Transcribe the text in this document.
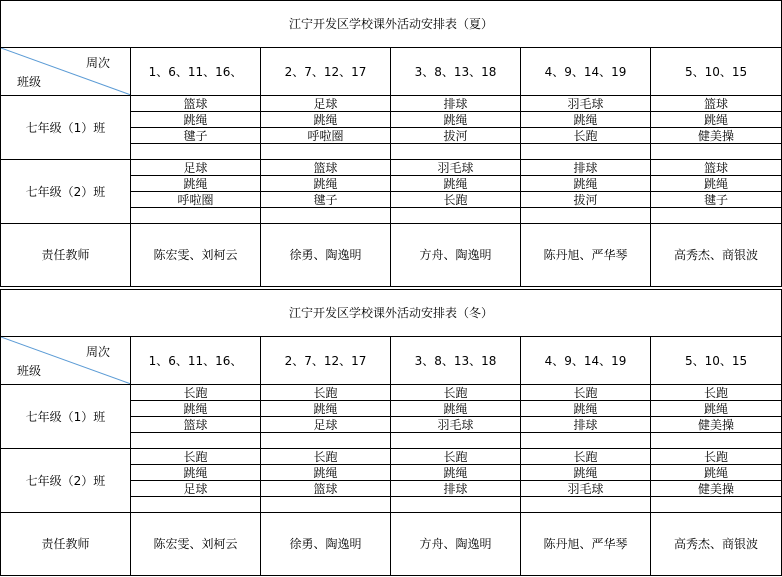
江宁开发区学校课外活动安排表（夏）					

周次
班级	1、6、11、16、	2、7、12、17	3、8、13、18	4、9、14、19	5、10、15
七年级（1）班	篮球	足球	排球	羽毛球	篮球
	跳绳	跳绳	跳绳	跳绳	跳绳
	毽子	呼啦圈	拔河	长跑	健美操

七年级（2）班	足球	篮球	羽毛球	排球	篮球
	跳绳	跳绳	跳绳	跳绳	跳绳
	呼啦圈	毽子	长跑	拔河	毽子

责任教师	陈宏雯、刘柯云	徐勇、陶逸明	方舟、陶逸明	陈丹旭、严华琴	高秀杰、商银波
江宁开发区学校课外活动安排表（冬）					

周次
班级	1、6、11、16、	2、7、12、17	3、8、13、18	4、9、14、19	5、10、15
七年级（1）班	长跑	长跑	长跑	长跑	长跑
	跳绳	跳绳	跳绳	跳绳	跳绳
	篮球	足球	羽毛球	排球	健美操

七年级（2）班	长跑	长跑	长跑	长跑	长跑
	跳绳	跳绳	跳绳	跳绳	跳绳
	足球	篮球	排球	羽毛球	健美操

责任教师	陈宏雯、刘柯云	徐勇、陶逸明	方舟、陶逸明	陈丹旭、严华琴	高秀杰、商银波
